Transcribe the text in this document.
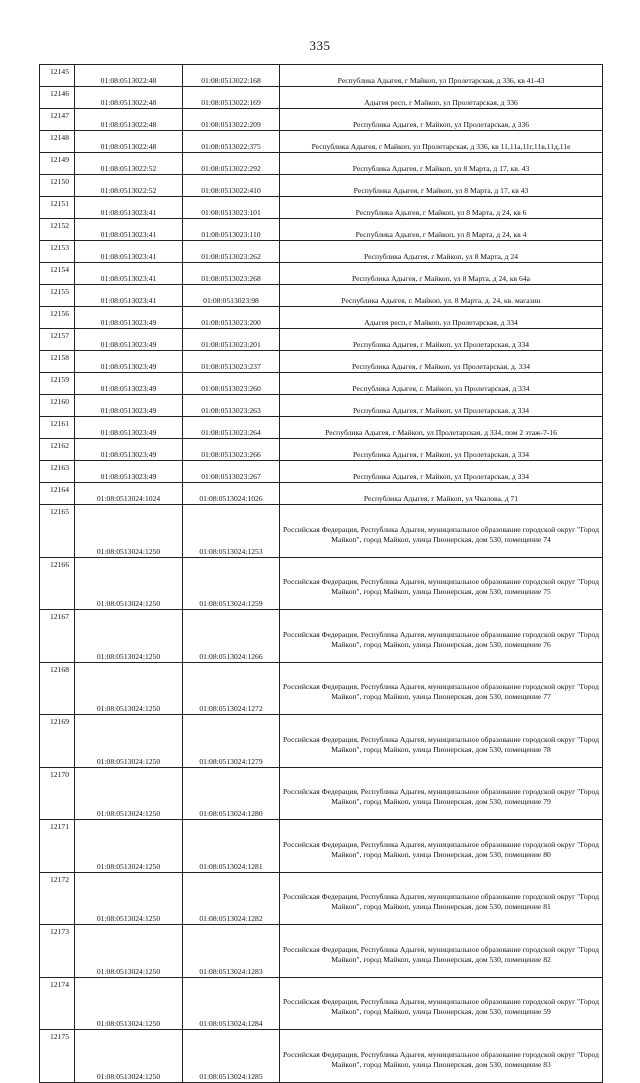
335
12145	01:08:0513022:48	01:08:0513022:168	Республика Адыгея, г Майкоп, ул Пролетарская, д 336, кв 41-43
12146	01:08:0513022:48	01:08:0513022:169	Адыгея респ, г Майкоп, ул Пролетарская, д 336
12147	01:08:0513022:48	01:08:0513022:209	Республика Адыгея, г Майкоп, ул Пролетарская, д 336
12148	01:08:0513022:48	01:08:0513022:375	Республика Адыгея, г Майкоп, ул Пролетарская, д 336, кв 11,11а,11г,11в,11д,11е
12149	01:08:0513022:52	01:08:0513022:292	Республика Адыгея, г Майкоп, ул 8 Марта, д 17, кв. 43
12150	01:08:0513022:52	01:08:0513022:410	Республика Адыгея, г Майкоп, ул 8 Марта, д 17, кв 43
12151	01:08:0513023:41	01:08:0513023:101	Республика Адыгея, г Майкоп, ул 8 Марта, д 24, кв 6
12152	01:08:0513023:41	01:08:0513023:110	Республика Адыгея, г Майкоп, ул 8 Марта, д 24, кв 4
12153	01:08:0513023:41	01:08:0513023:262	Республика Адыгея, г Майкоп, ул 8 Марта, д 24
12154	01:08:0513023:41	01:08:0513023:268	Республика Адыгея, г Майкоп, ул 8 Марта, д 24, кв 64а
12155	01:08:0513023:41	01:08:0513023:98	Республика Адыгея, г. Майкоп, ул. 8 Марта, д. 24, кв. магазин
12156	01:08:0513023:49	01:08:0513023:200	Адыгея респ, г Майкоп, ул Пролетарская, д 334
12157	01:08:0513023:49	01:08:0513023:201	Республика Адыгея, г Майкоп, ул Пролетарская, д 334
12158	01:08:0513023:49	01:08:0513023:237	Республика Адыгея, г Майкоп, ул Пролетарская, д. 334
12159	01:08:0513023:49	01:08:0513023:260	Республика Адыгея, г. Майкоп, ул Пролетарская, д 334
12160	01:08:0513023:49	01:08:0513023:263	Республика Адыгея, г Майкоп, ул Пролетарская, д 334
12161	01:08:0513023:49	01:08:0513023:264	Республика Адыгея, г Майкоп, ул Пролетарская, д 334, пом 2 этаж-7-16
12162	01:08:0513023:49	01:08:0513023:266	Республика Адыгея, г Майкоп, ул Пролетарская, д 334
12163	01:08:0513023:49	01:08:0513023:267	Республика Адыгея, г Майкоп, ул Пролетарская, д 334
12164	01:08:0513024:1024	01:08:0513024:1026	Республика Адыгея, г Майкоп, ул Чкалова, д 71
12165	01:08:0513024:1250	01:08:0513024:1253	Российская Федерация, Республика Адыгея, муниципальное образование городской округ "Город Майкоп", город Майкоп, улица Пионерская, дом 530, помещение 74
12166	01:08:0513024:1250	01:08:0513024:1259	Российская Федерация, Республика Адыгея, муниципальное образование городской округ "Город Майкоп", город Майкоп, улица Пионерская, дом 530, помещение 75
12167	01:08:0513024:1250	01:08:0513024:1266	Российская Федерация, Республика Адыгея, муниципальное образование городской округ "Город Майкоп", город Майкоп, улица Пионерская, дом 530, помещение 76
12168	01:08:0513024:1250	01:08:0513024:1272	Российская Федерация, Республика Адыгея, муниципальное образование городской округ "Город Майкоп", город Майкоп, улица Пионерская, дом 530, помещение 77
12169	01:08:0513024:1250	01:08:0513024:1279	Российская Федерация, Республика Адыгея, муниципальное образование городской округ "Город Майкоп", город Майкоп, улица Пионерская, дом 530, помещение 78
12170	01:08:0513024:1250	01:08:0513024:1280	Российская Федерация, Республика Адыгея, муниципальное образование городской округ "Город Майкоп", город Майкоп, улица Пионерская, дом 530, помещение 79
12171	01:08:0513024:1250	01:08:0513024:1281	Российская Федерация, Республика Адыгея, муниципальное образование городской округ "Город Майкоп", город Майкоп, улица Пионерская, дом 530, помещение 80
12172	01:08:0513024:1250	01:08:0513024:1282	Российская Федерация, Республика Адыгея, муниципальное образование городской округ "Город Майкоп", город Майкоп, улица Пионерская, дом 530, помещение 81
12173	01:08:0513024:1250	01:08:0513024:1283	Российская Федерация, Республика Адыгея, муниципальное образование городской округ "Город Майкоп", город Майкоп, улица Пионерская, дом 530, помещение 82
12174	01:08:0513024:1250	01:08:0513024:1284	Российская Федерация, Республика Адыгея, муниципальное образование городской округ "Город Майкоп", город Майкоп, улица Пионерская, дом 530, помещение 59
12175	01:08:0513024:1250	01:08:0513024:1285	Российская Федерация, Республика Адыгея, муниципальное образование городской округ "Город Майкоп", город Майкоп, улица Пионерская, дом 530, помещение 83
